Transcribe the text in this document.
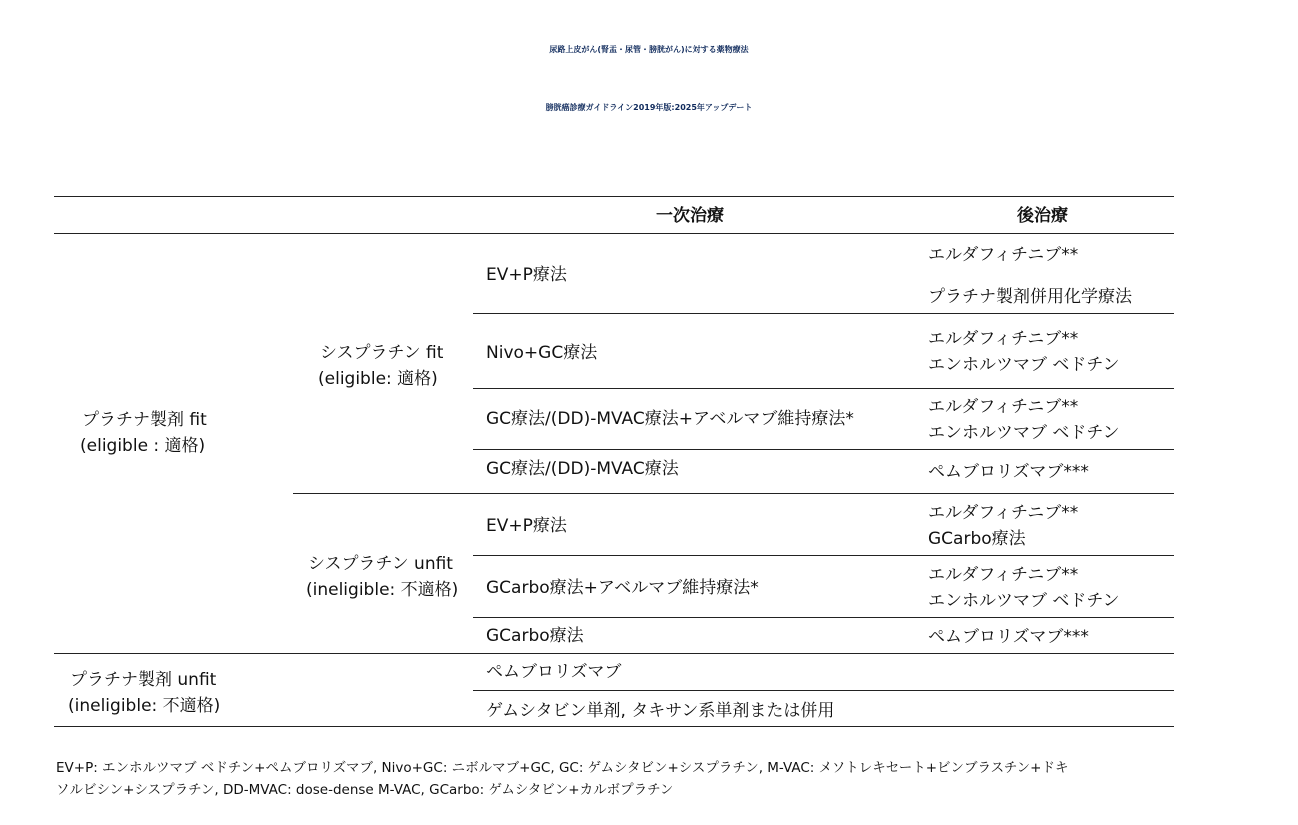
尿路上皮がん(腎盂・尿管・膀胱がん)に対する薬物療法
膀胱癌診療ガイドライン2019年版:2025年アップデート
一次治療	後治療
プラチナ製剤 fit
(eligible : 適格)
シスプラチン fit
(eligible: 適格)
シスプラチン unfit
(ineligible: 不適格)
プラチナ製剤 unfit
(ineligible: 不適格)
EV+P療法
Nivo+GC療法
GC療法/(DD)-MVAC療法+アベルマブ維持療法*
GC療法/(DD)-MVAC療法
EV+P療法
GCarbo療法+アベルマブ維持療法*
GCarbo療法
ペムブロリズマブ
ゲムシタビン単剤, タキサン系単剤または併用
エルダフィチニブ**
プラチナ製剤併用化学療法
エルダフィチニブ**
エンホルツマブ ベドチン
エルダフィチニブ**
エンホルツマブ ベドチン
ペムブロリズマブ***
エルダフィチニブ**
GCarbo療法
エルダフィチニブ**
エンホルツマブ ベドチン
ペムブロリズマブ***
EV+P: エンホルツマブ ベドチン+ペムブロリズマブ, Nivo+GC: ニボルマブ+GC, GC: ゲムシタビン+シスプラチン, M-VAC: メソトレキセート+ビンブラスチン+ドキ
ソルビシン+シスプラチン, DD-MVAC: dose-dense M-VAC, GCarbo: ゲムシタビン+カルボプラチン
